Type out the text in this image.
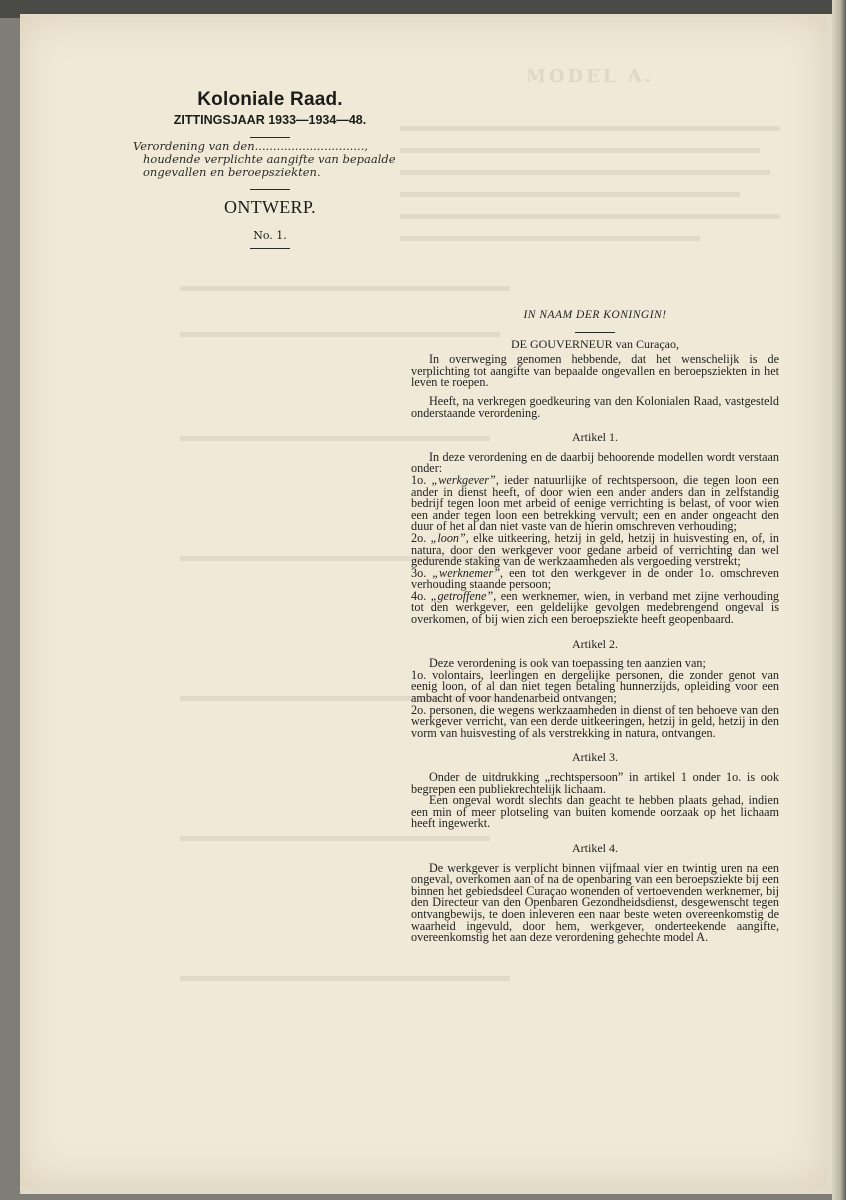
MODEL A.
Koloniale Raad.
ZITTINGSJAAR 1933—1934—48.
Verordening van den..............................,
houdende verplichte aangifte van bepaalde
ongevallen en beroepsziekten.
ONTWERP.
No. 1.
IN NAAM DER KONINGIN!
DE GOUVERNEUR van Curaçao,

In overweging genomen hebbende, dat het wenschelijk is de verplichting tot aangifte van bepaalde ongevallen en beroepsziekten in het leven te roepen.

Heeft, na verkregen goedkeuring van den Kolonialen Raad, vastgesteld onderstaande verordening.

Artikel 1.

In deze verordening en de daarbij behoorende modellen wordt verstaan onder:

1o. „werkgever”, ieder natuurlijke of rechtspersoon, die tegen loon een ander in dienst heeft, of door wien een ander anders dan in zelfstandig bedrijf tegen loon met arbeid of eenige verrichting is belast, of voor wien een ander tegen loon een betrekking vervult; een en ander ongeacht den duur of het al dan niet vaste van de hierin omschreven verhouding;

2o. „loon”, elke uitkeering, hetzij in geld, hetzij in huisvesting en, of, in natura, door den werkgever voor gedane arbeid of verrichting dan wel gedurende staking van de werkzaamheden als vergoeding verstrekt;

3o. „werknemer”, een tot den werkgever in de onder 1o. omschreven verhouding staande persoon;

4o. „getroffene”, een werknemer, wien, in verband met zijne verhouding tot den werkgever, een geldelijke gevolgen medebrengend ongeval is overkomen, of bij wien zich een beroepsziekte heeft geopenbaard.

Artikel 2.

Deze verordening is ook van toepassing ten aanzien van;

1o. volontairs, leerlingen en dergelijke personen, die zonder genot van eenig loon, of al dan niet tegen betaling hunnerzijds, opleiding voor een ambacht of voor handenarbeid ontvangen;

2o. personen, die wegens werkzaamheden in dienst of ten behoeve van den werkgever verricht, van een derde uitkeeringen, hetzij in geld, hetzij in den vorm van huisvesting of als verstrekking in natura, ontvangen.

Artikel 3.

Onder de uitdrukking „rechtspersoon” in artikel 1 onder 1o. is ook begrepen een publiekrechtelijk lichaam.

Een ongeval wordt slechts dan geacht te hebben plaats gehad, indien een min of meer plotseling van buiten komende oorzaak op het lichaam heeft ingewerkt.

Artikel 4.

De werkgever is verplicht binnen vijfmaal vier en twintig uren na een ongeval, overkomen aan of na de openbaring van een beroepsziekte bij een binnen het gebiedsdeel Curaçao wonenden of vertoevenden werknemer, bij den Directeur van den Openbaren Gezondheidsdienst, desgewenscht tegen ontvangbewijs, te doen inleveren een naar beste weten overeenkomstig de waarheid ingevuld, door hem, werkgever, onderteekende aangifte, overeenkomstig het aan deze verordening gehechte model A.
